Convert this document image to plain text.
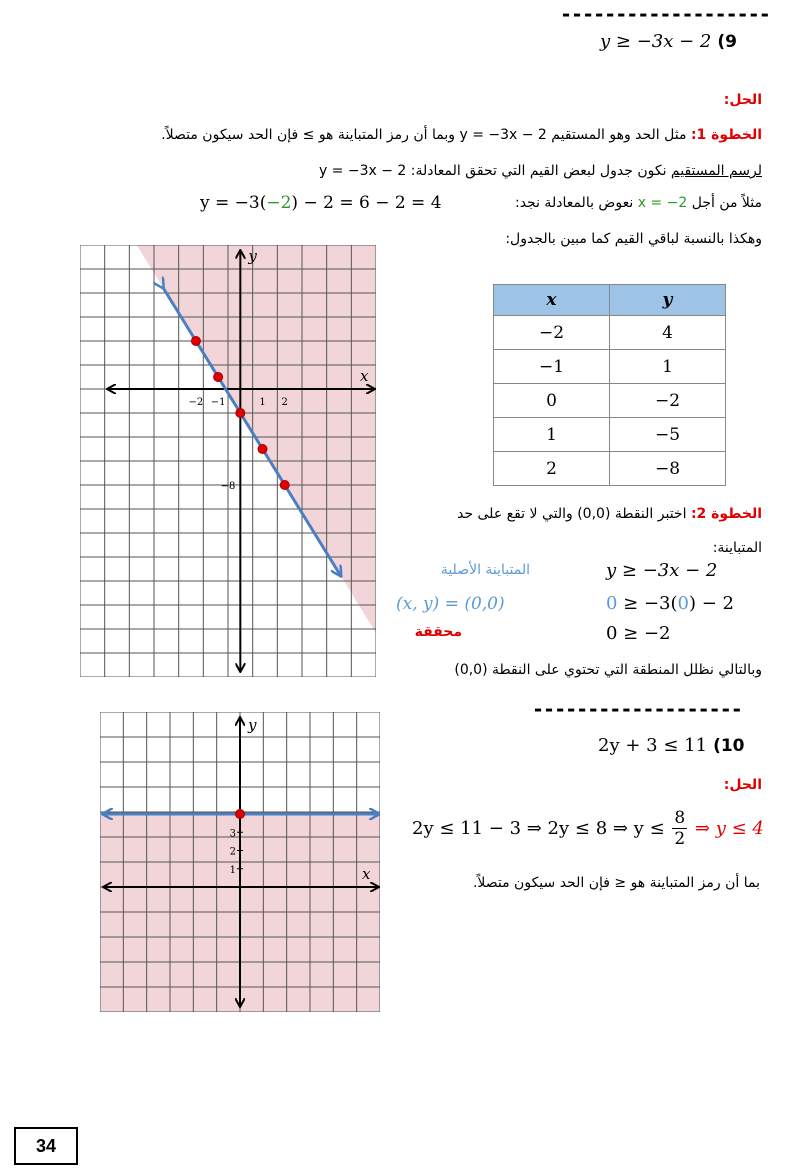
-------------------
y ≥ −3x − 2 (9
الحل:
الخطوة 1: مثل الحد وهو المستقيم y = −3x − 2 وبما أن رمز المتباينة هو ≥ فإن الحد سيكون متصلاً.
لرسم المستقيم نكون جدول لبعض القيم التي تحقق المعادلة: y = −3x − 2
y = −3(−2) − 2 = 6 − 2 = 4	مثلاً من أجل x = −2 نعوض بالمعادلة نجد:
وهكذا بالنسبة لباقي القيم كما مبين بالجدول:
x	y
−2	4
−1	1
0	−2
1	−5
2	−8
الخطوة 2: اختبر النقطة (0,0) والتي لا تقع على حد المتباينة:
y ≥ −3x − 2
المتباينة الأصلية
0 ≥ −3(0) − 2
(x, y) = (0,0)
0 ≥ −2
محققة
وبالتالي نظلل المنطقة التي تحتوي على النقطة (0,0)
x
y
−2 −1	1 2
−8
-------------------
2y + 3 ≤ 11 (10
الحل:
2y ≤ 11 − 3 ⇒ 2y ≤ 8 ⇒ $y \le \frac{8}{2}$ ⇒ y ≤ 4
بما أن رمز المتباينة هو ≤ فإن الحد سيكون متصلاً.
x
y
1
2
3
34
